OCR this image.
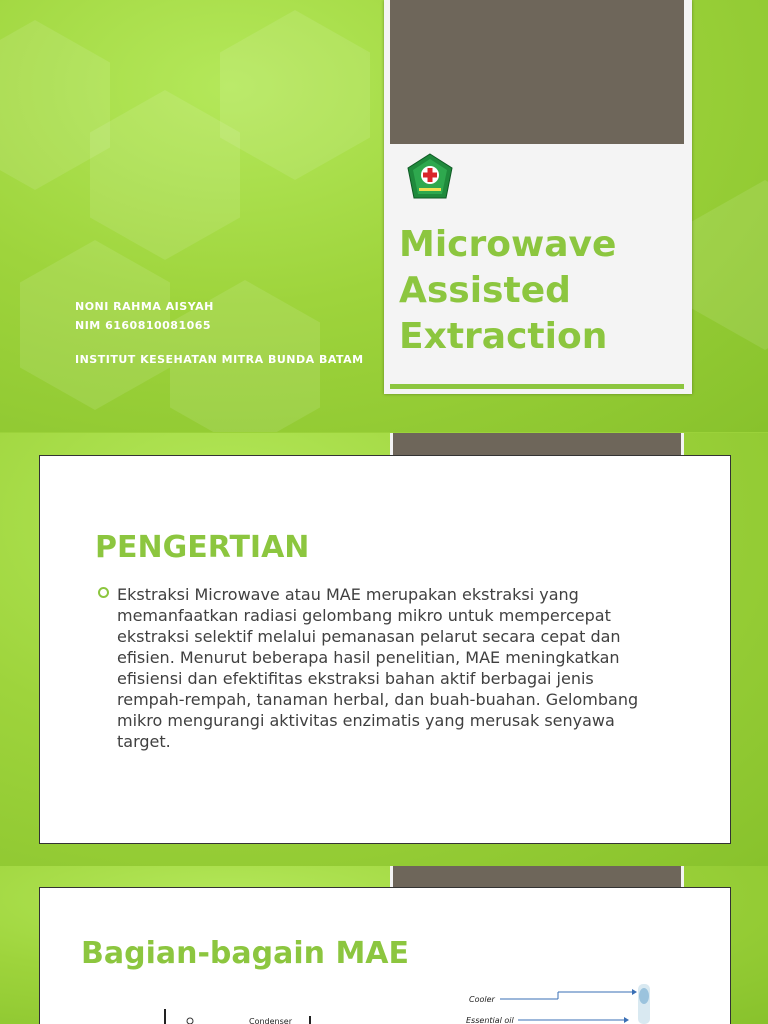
NONI RAHMA AISYAH
NIM 6160810081065
INSTITUT KESEHATAN MITRA BUNDA BATAM
Microwave
Assisted
Extraction
PENGERTIAN
Ekstraksi Microwave atau MAE merupakan ekstraksi yang memanfaatkan radiasi gelombang mikro untuk mempercepat ekstraksi selektif melalui pemanasan pelarut secara cepat dan efisien. Menurut beberapa hasil penelitian, MAE meningkatkan efisiensi dan efektifitas ekstraksi bahan aktif berbagai jenis rempah-rempah, tanaman herbal, dan buah-buahan. Gelombang mikro mengurangi aktivitas enzimatis yang merusak senyawa target.
Bagian-bagain MAE
Condenser
Cooler
Essential oil
